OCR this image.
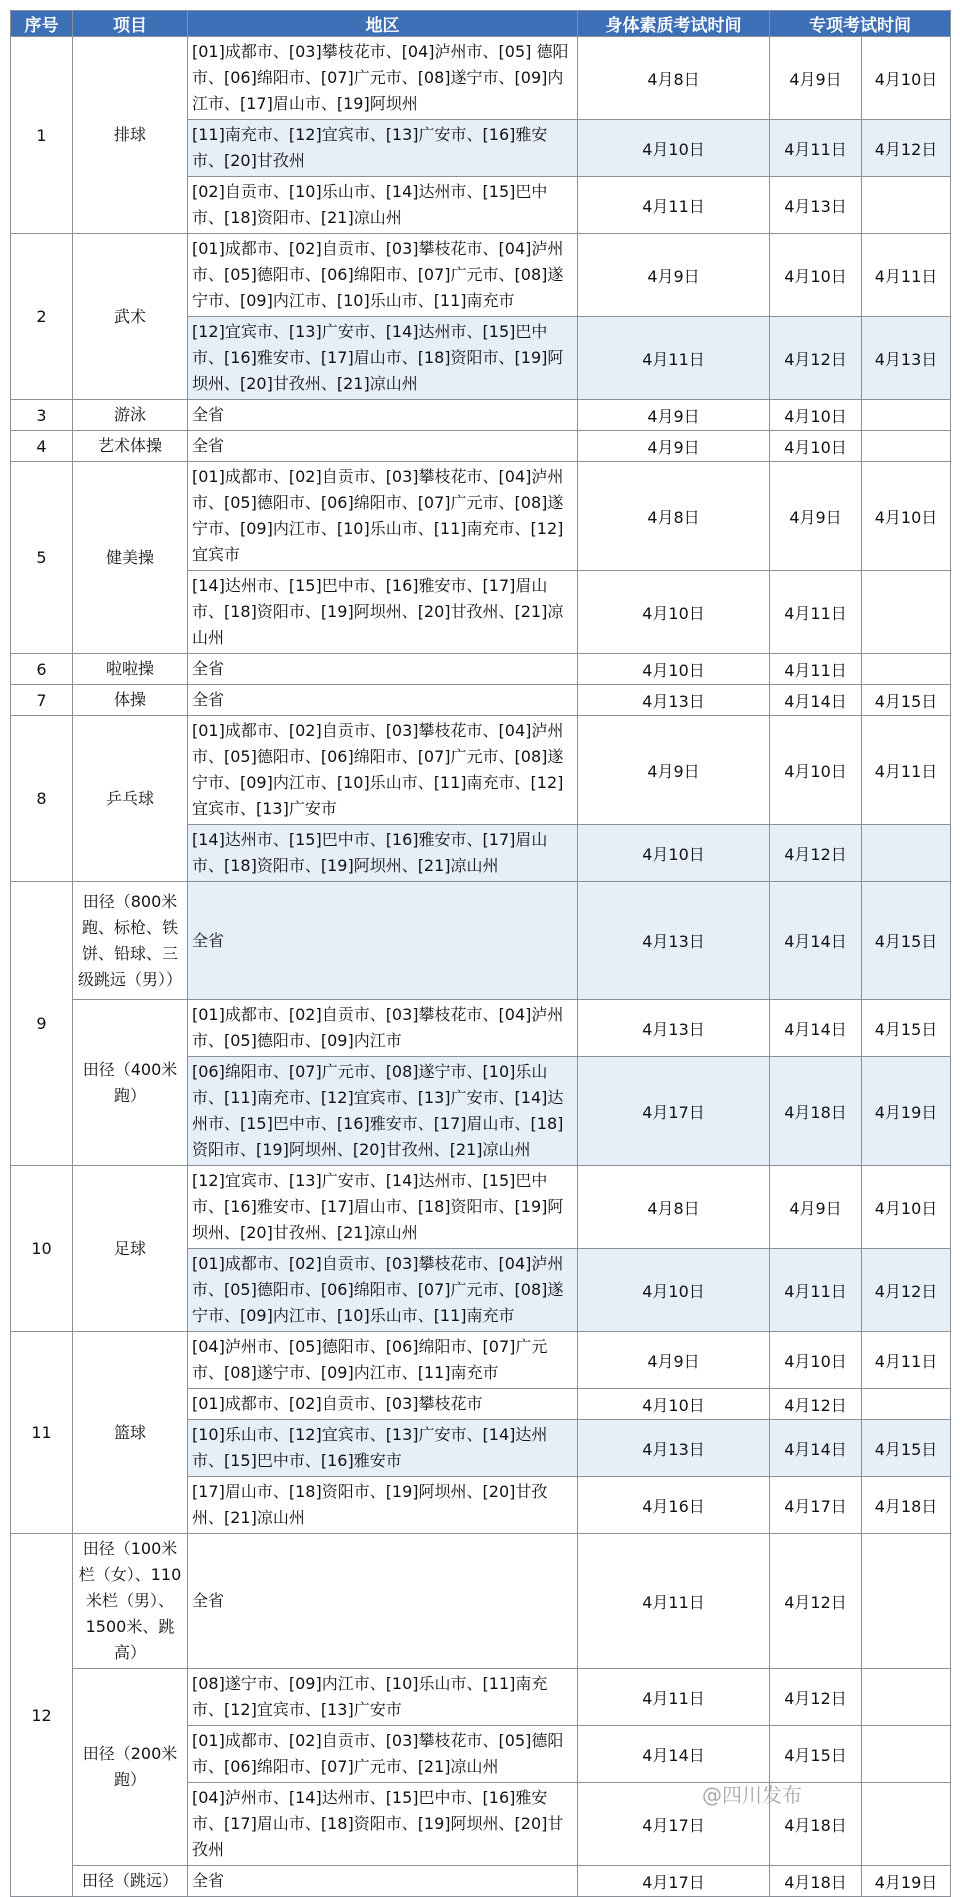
序号	项目	地区	身体素质考试时间	专项考试时间	
1	排球	[01]成都市、[03]攀枝花市、[04]泸州市、[05] 德阳市、[06]绵阳市、[07]广元市、[08]遂宁市、[09]内江市、[17]眉山市、[19]阿坝州	4月8日	4月9日	4月10日
		[11]南充市、[12]宜宾市、[13]广安市、[16]雅安市、[20]甘孜州	4月10日	4月11日	4月12日
		[02]自贡市、[10]乐山市、[14]达州市、[15]巴中市、[18]资阳市、[21]凉山州	4月11日	4月13日	
2	武术	[01]成都市、[02]自贡市、[03]攀枝花市、[04]泸州市、[05]德阳市、[06]绵阳市、[07]广元市、[08]遂宁市、[09]内江市、[10]乐山市、[11]南充市	4月9日	4月10日	4月11日
		[12]宜宾市、[13]广安市、[14]达州市、[15]巴中市、[16]雅安市、[17]眉山市、[18]资阳市、[19]阿坝州、[20]甘孜州、[21]凉山州	4月11日	4月12日	4月13日
3	游泳	全省	4月9日	4月10日	
4	艺术体操	全省	4月9日	4月10日	
5	健美操	[01]成都市、[02]自贡市、[03]攀枝花市、[04]泸州市、[05]德阳市、[06]绵阳市、[07]广元市、[08]遂宁市、[09]内江市、[10]乐山市、[11]南充市、[12]宜宾市	4月8日	4月9日	4月10日
		[14]达州市、[15]巴中市、[16]雅安市、[17]眉山市、[18]资阳市、[19]阿坝州、[20]甘孜州、[21]凉山州	4月10日	4月11日	
6	啦啦操	全省	4月10日	4月11日	
7	体操	全省	4月13日	4月14日	4月15日
8	乒乓球	[01]成都市、[02]自贡市、[03]攀枝花市、[04]泸州市、[05]德阳市、[06]绵阳市、[07]广元市、[08]遂宁市、[09]内江市、[10]乐山市、[11]南充市、[12]宜宾市、[13]广安市	4月9日	4月10日	4月11日
		[14]达州市、[15]巴中市、[16]雅安市、[17]眉山市、[18]资阳市、[19]阿坝州、[21]凉山州	4月10日	4月12日	
9	田径（800米跑、标枪、铁饼、铅球、三级跳远（男））	全省	4月13日	4月14日	4月15日
	田径（400米跑）	[01]成都市、[02]自贡市、[03]攀枝花市、[04]泸州市、[05]德阳市、[09]内江市	4月13日	4月14日	4月15日
		[06]绵阳市、[07]广元市、[08]遂宁市、[10]乐山市、[11]南充市、[12]宜宾市、[13]广安市、[14]达州市、[15]巴中市、[16]雅安市、[17]眉山市、[18]资阳市、[19]阿坝州、[20]甘孜州、[21]凉山州	4月17日	4月18日	4月19日
10	足球	[12]宜宾市、[13]广安市、[14]达州市、[15]巴中市、[16]雅安市、[17]眉山市、[18]资阳市、[19]阿坝州、[20]甘孜州、[21]凉山州	4月8日	4月9日	4月10日
		[01]成都市、[02]自贡市、[03]攀枝花市、[04]泸州市、[05]德阳市、[06]绵阳市、[07]广元市、[08]遂宁市、[09]内江市、[10]乐山市、[11]南充市	4月10日	4月11日	4月12日
11	篮球	[04]泸州市、[05]德阳市、[06]绵阳市、[07]广元市、[08]遂宁市、[09]内江市、[11]南充市	4月9日	4月10日	4月11日
		[01]成都市、[02]自贡市、[03]攀枝花市	4月10日	4月12日	
		[10]乐山市、[12]宜宾市、[13]广安市、[14]达州市、[15]巴中市、[16]雅安市	4月13日	4月14日	4月15日
		[17]眉山市、[18]资阳市、[19]阿坝州、[20]甘孜州、[21]凉山州	4月16日	4月17日	4月18日
12	田径（100米栏（女）、110米栏（男）、1500米、跳高）	全省	4月11日	4月12日	
	田径（200米跑）	[08]遂宁市、[09]内江市、[10]乐山市、[11]南充市、[12]宜宾市、[13]广安市	4月11日	4月12日	
		[01]成都市、[02]自贡市、[03]攀枝花市、[05]德阳市、[06]绵阳市、[07]广元市、[21]凉山州	4月14日	4月15日	
		[04]泸州市、[14]达州市、[15]巴中市、[16]雅安市、[17]眉山市、[18]资阳市、[19]阿坝州、[20]甘孜州	4月17日	4月18日	
	田径（跳远）	全省	4月17日	4月18日	4月19日
@四川发布
